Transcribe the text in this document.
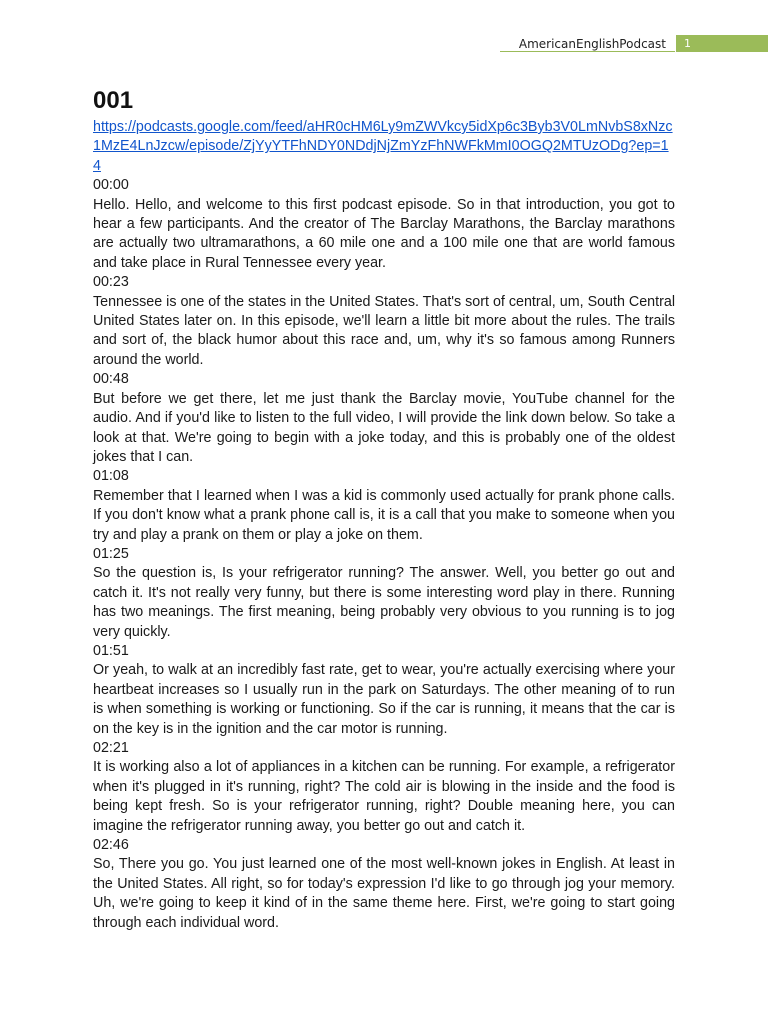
AmericanEnglishPodcast 1
001
https://podcasts.google.com/feed/aHR0cHM6Ly9mZWVkcy5idXp6c3Byb3V0LmNvbS8xNzc1MzE4LnJzcw/episode/ZjYyYTFhNDY0NDdjNjZmYzFhNWFkMmI0OGQ2MTUzODg?ep=14
00:00

Hello. Hello, and welcome to this first podcast episode. So in that introduction, you got to hear a few participants. And the creator of The Barclay Marathons, the Barclay marathons are actually two ultramarathons, a 60 mile one and a 100 mile one that are world famous and take place in Rural Tennessee every year.

00:23

Tennessee is one of the states in the United States. That's sort of central, um, South Central United States later on. In this episode, we'll learn a little bit more about the rules. The trails and sort of, the black humor about this race and, um, why it's so famous among Runners around the world.

00:48

But before we get there, let me just thank the Barclay movie, YouTube channel for the audio. And if you'd like to listen to the full video, I will provide the link down below. So take a look at that. We're going to begin with a joke today, and this is probably one of the oldest jokes that I can.

01:08

Remember that I learned when I was a kid is commonly used actually for prank phone calls. If you don't know what a prank phone call is, it is a call that you make to someone when you try and play a prank on them or play a joke on them.

01:25

So the question is, Is your refrigerator running? The answer. Well, you better go out and catch it. It's not really very funny, but there is some interesting word play in there. Running has two meanings. The first meaning, being probably very obvious to you running is to jog very quickly.

01:51

Or yeah, to walk at an incredibly fast rate, get to wear, you're actually exercising where your heartbeat increases so I usually run in the park on Saturdays. The other meaning of to run is when something is working or functioning. So if the car is running, it means that the car is on the key is in the ignition and the car motor is running.

02:21

It is working also a lot of appliances in a kitchen can be running. For example, a refrigerator when it's plugged in it's running, right? The cold air is blowing in the inside and the food is being kept fresh. So is your refrigerator running, right? Double meaning here, you can imagine the refrigerator running away, you better go out and catch it.

02:46

So, There you go. You just learned one of the most well-known jokes in English. At least in the United States. All right, so for today's expression I'd like to go through jog your memory. Uh, we're going to keep it kind of in the same theme here. First, we're going to start going through each individual word.
